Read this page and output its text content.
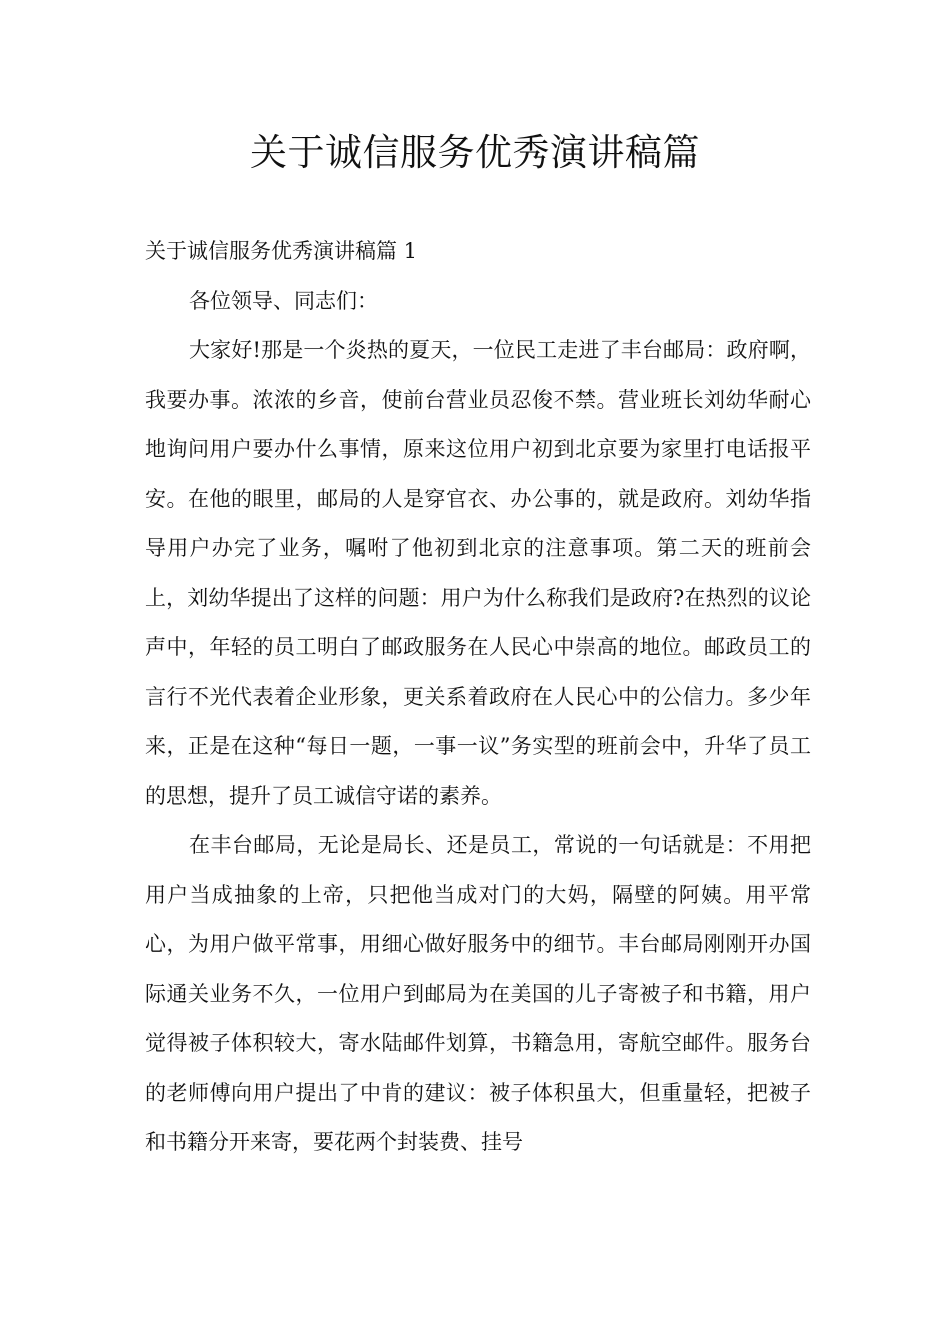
关于诚信服务优秀演讲稿篇

关于诚信服务优秀演讲稿篇 1

各位领导、同志们：

大家好!那是一个炎热的夏天，一位民工走进了丰台邮局：政府啊，我要办事。浓浓的乡音，使前台营业员忍俊不禁。营业班长刘幼华耐心地询问用户要办什么事情，原来这位用户初到北京要为家里打电话报平安。在他的眼里，邮局的人是穿官衣、办公事的，就是政府。刘幼华指导用户办完了业务，嘱咐了他初到北京的注意事项。第二天的班前会上，刘幼华提出了这样的问题：用户为什么称我们是政府?在热烈的议论声中，年轻的员工明白了邮政服务在人民心中崇高的地位。邮政员工的言行不光代表着企业形象，更关系着政府在人民心中的公信力。多少年来，正是在这种“每日一题，一事一议”务实型的班前会中，升华了员工的思想，提升了员工诚信守诺的素养。

在丰台邮局，无论是局长、还是员工，常说的一句话就是：不用把用户当成抽象的上帝，只把他当成对门的大妈，隔壁的阿姨。用平常心，为用户做平常事，用细心做好服务中的细节。丰台邮局刚刚开办国际通关业务不久，一位用户到邮局为在美国的儿子寄被子和书籍，用户觉得被子体积较大，寄水陆邮件划算，书籍急用，寄航空邮件。服务台的老师傅向用户提出了中肯的建议：被子体积虽大，但重量轻，把被子和书籍分开来寄，要花两个封装费、挂号
